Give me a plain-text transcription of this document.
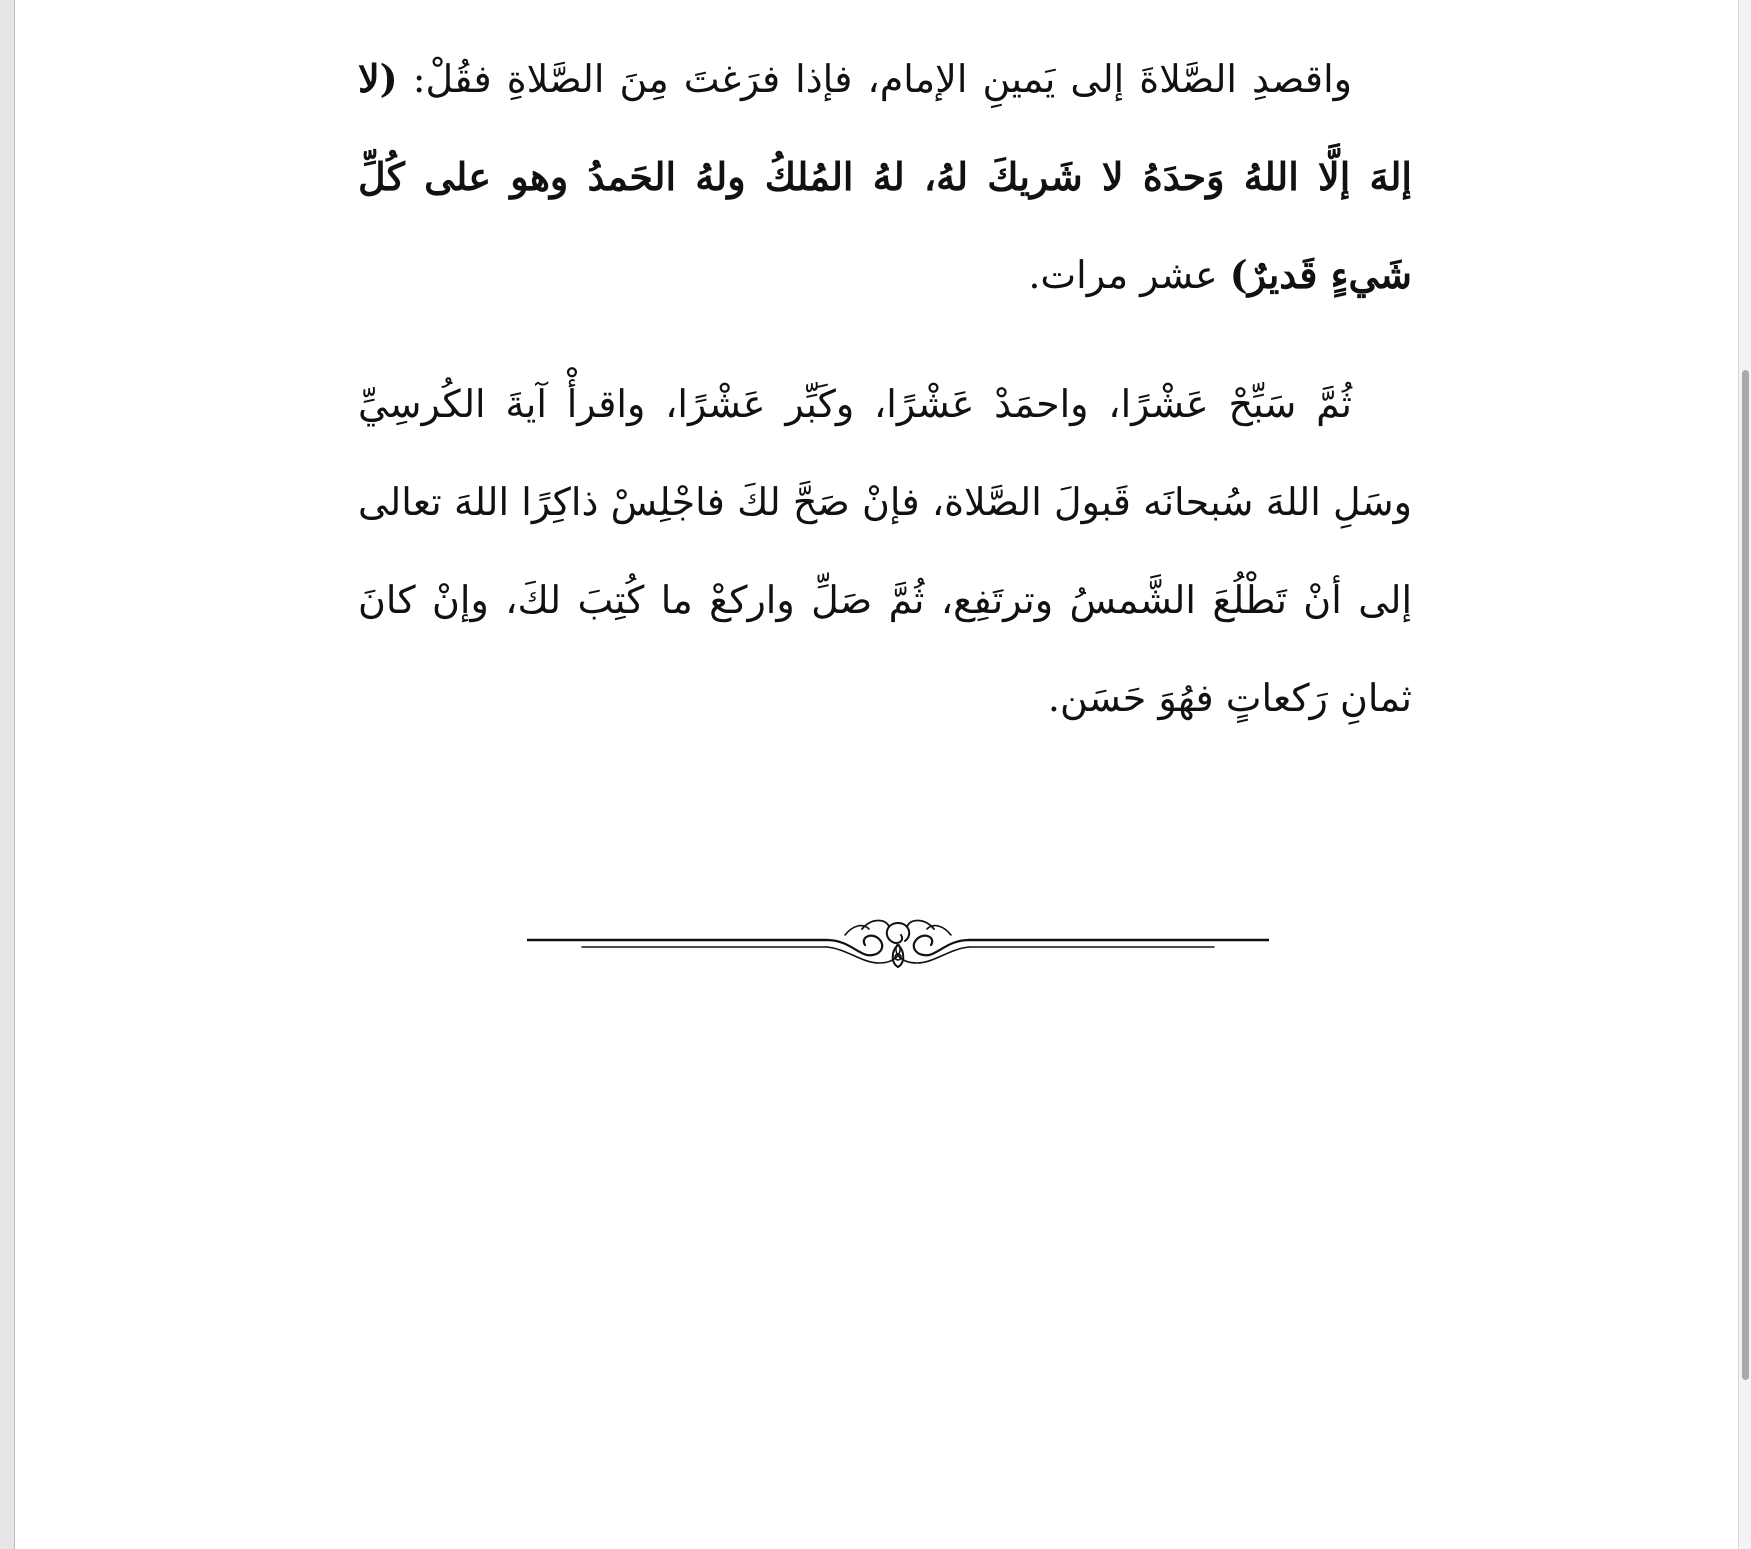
واقصدِ الصَّلاةَ إلى يَمينِ الإمام، فإذا فرَغتَ مِنَ الصَّلاةِ فقُلْ: (لا إلهَ إلَّا اللهُ وَحدَهُ لا شَريكَ لهُ، لهُ المُلكُ ولهُ الحَمدُ وهو على كُلِّ شَيءٍ قَديرٌ) عشر مرات.

ثُمَّ سَبِّحْ عَشْرًا، واحمَدْ عَشْرًا، وكَبِّر عَشْرًا، واقرأْ آيةَ الكُرسِيِّ وسَلِ اللهَ سُبحانَه قَبولَ الصَّلاة، فإنْ صَحَّ لكَ فاجْلِسْ ذاكِرًا اللهَ تعالى إلى أنْ تَطْلُعَ الشَّمسُ وترتَفِع، ثُمَّ صَلِّ واركعْ ما كُتِبَ لكَ، وإنْ كانَ ثمانِ رَكعاتٍ فهُوَ حَسَن.
